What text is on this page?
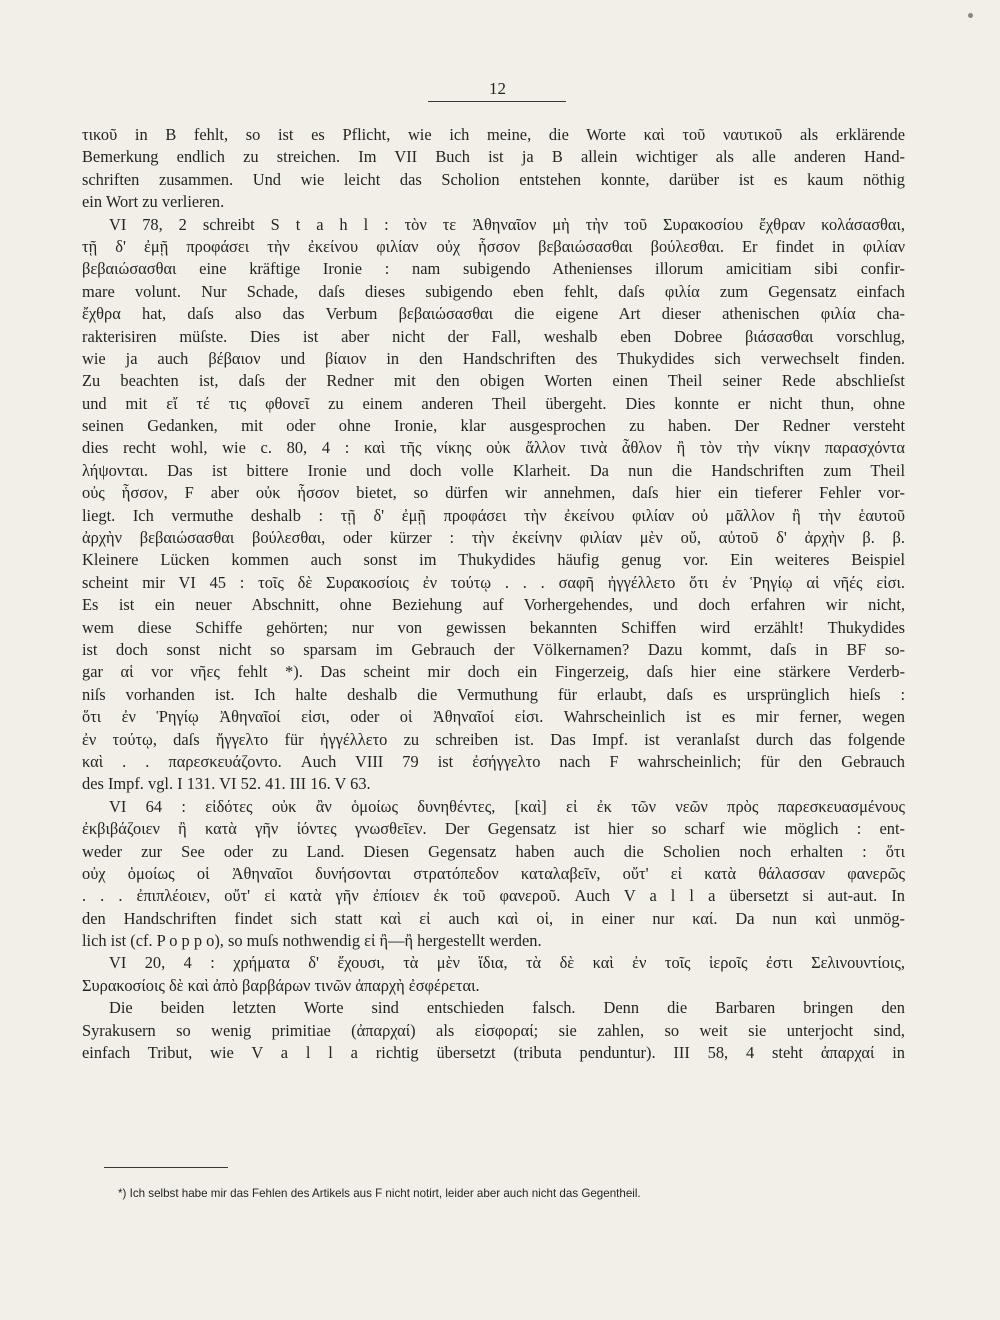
12
τικοῦ in B fehlt, so ist es Pflicht, wie ich meine, die Worte καὶ τοῦ ναυτικοῦ als erklärende
Bemerkung endlich zu streichen. Im VII Buch ist ja B allein wichtiger als alle anderen Hand-
schriften zusammen. Und wie leicht das Scholion entstehen konnte, darüber ist es kaum nöthig
ein Wort zu verlieren.
VI 78, 2 schreibt S t a h l : τὸν τε Ἀθηναῖον μὴ τὴν τοῦ Συρακοσίου ἔχθραν κολάσασθαι,
τῇ δ' ἐμῇ προφάσει τὴν ἐκείνου φιλίαν οὐχ ἧσσον βεβαιώσασθαι βούλεσθαι. Er findet in φιλίαν
βεβαιώσασθαι eine kräftige Ironie : nam subigendo Athenienses illorum amicitiam sibi confir-
mare volunt. Nur Schade, daſs dieses subigendo eben fehlt, daſs φιλία zum Gegensatz einfach
ἔχθρα hat, daſs also das Verbum βεβαιώσασθαι die eigene Art dieser athenischen φιλία cha-
rakterisiren müſste. Dies ist aber nicht der Fall, weshalb eben Dobree βιάσασθαι vorschlug,
wie ja auch βέβαιον und βίαιον in den Handschriften des Thukydides sich verwechselt finden.
Zu beachten ist, daſs der Redner mit den obigen Worten einen Theil seiner Rede abschlieſst
und mit εἴ τέ τις φθονεῖ zu einem anderen Theil übergeht. Dies konnte er nicht thun, ohne
seinen Gedanken, mit oder ohne Ironie, klar ausgesprochen zu haben. Der Redner versteht
dies recht wohl, wie c. 80, 4 : καὶ τῆς νίκης οὐκ ἄλλον τινὰ ἆθλον ἢ τὸν τὴν νίκην παρασχόντα
λήψονται. Das ist bittere Ironie und doch volle Klarheit. Da nun die Handschriften zum Theil
οὐς ἧσσον, F aber οὐκ ἧσσον bietet, so dürfen wir annehmen, daſs hier ein tieferer Fehler vor-
liegt. Ich vermuthe deshalb : τῇ δ' ἐμῇ προφάσει τὴν ἐκείνου φιλίαν οὐ μᾶλλον ἢ τὴν ἑαυτοῦ
ἀρχὴν βεβαιώσασθαι βούλεσθαι, oder kürzer : τὴν ἐκείνην φιλίαν μὲν οὔ, αὐτοῦ δ' ἀρχὴν β. β.
Kleinere Lücken kommen auch sonst im Thukydides häufig genug vor. Ein weiteres Beispiel
scheint mir VI 45 : τοῖς δὲ Συρακοσίοις ἐν τούτῳ . . . σαφῆ ἠγγέλλετο ὅτι ἐν Ῥηγίῳ αἱ νῆές εἰσι.
Es ist ein neuer Abschnitt, ohne Beziehung auf Vorhergehendes, und doch erfahren wir nicht,
wem diese Schiffe gehörten; nur von gewissen bekannten Schiffen wird erzählt! Thukydides
ist doch sonst nicht so sparsam im Gebrauch der Völkernamen? Dazu kommt, daſs in BF so-
gar αἱ vor νῆες fehlt *). Das scheint mir doch ein Fingerzeig, daſs hier eine stärkere Verderb-
niſs vorhanden ist. Ich halte deshalb die Vermuthung für erlaubt, daſs es ursprünglich hieſs :
ὅτι ἐν Ῥηγίῳ Ἀθηναῖοί εἰσι, oder οἱ Ἀθηναῖοί εἰσι. Wahrscheinlich ist es mir ferner, wegen
ἐν τούτῳ, daſs ἤγγελτο für ἠγγέλλετο zu schreiben ist. Das Impf. ist veranlaſst durch das folgende
καὶ . . παρεσκευάζοντο. Auch VIII 79 ist ἐσήγγελτο nach F wahrscheinlich; für den Gebrauch
des Impf. vgl. I 131. VI 52. 41. III 16. V 63.
VI 64 : εἰδότες οὐκ ἂν ὁμοίως δυνηθέντες, [καὶ] εἰ ἐκ τῶν νεῶν πρὸς παρεσκευασμένους
ἐκβιβάζοιεν ἢ κατὰ γῆν ἰόντες γνωσθεῖεν. Der Gegensatz ist hier so scharf wie möglich : ent-
weder zur See oder zu Land. Diesen Gegensatz haben auch die Scholien noch erhalten : ὅτι
οὐχ ὁμοίως οἱ Ἀθηναῖοι δυνήσονται στρατόπεδον καταλαβεῖν, οὔτ' εἰ κατὰ θάλασσαν φανερῶς
. . . ἐπιπλέοιεν, οὔτ' εἰ κατὰ γῆν ἐπίοιεν ἐκ τοῦ φανεροῦ. Auch V a l l a übersetzt si aut-aut. In
den Handschriften findet sich statt καὶ εἰ auch καὶ οἱ, in einer nur καί. Da nun καὶ unmög-
lich ist (cf. P o p p o), so muſs nothwendig εἰ ἢ—ἢ hergestellt werden.
VI 20, 4 : χρήματα δ' ἔχουσι, τὰ μὲν ἴδια, τὰ δὲ καὶ ἐν τοῖς ἱεροῖς ἐστι Σελινουντίοις,
Συρακοσίοις δὲ καὶ ἀπὸ βαρβάρων τινῶν ἀπαρχὴ ἐσφέρεται.
Die beiden letzten Worte sind entschieden falsch. Denn die Barbaren bringen den
Syrakusern so wenig primitiae (ἀπαρχαί) als εἰσφοραί; sie zahlen, so weit sie unterjocht sind,
einfach Tribut, wie V a l l a richtig übersetzt (tributa penduntur). III 58, 4 steht ἀπαρχαί in
*) Ich selbst habe mir das Fehlen des Artikels aus F nicht notirt, leider aber auch nicht das Gegentheil.
